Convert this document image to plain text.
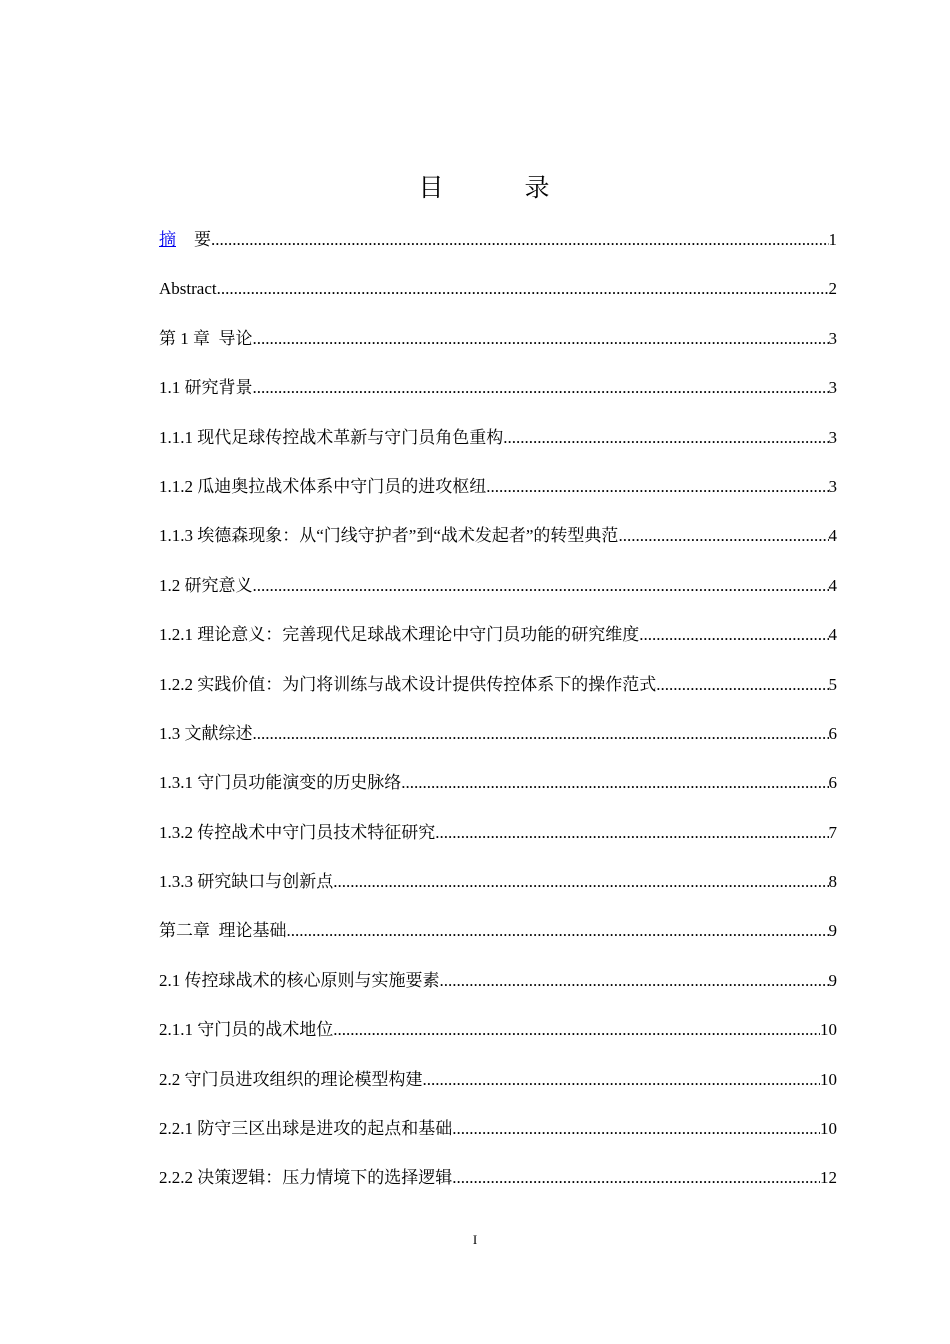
目　录
摘 要 .....	1
Abstract .....	2
第 1 章  导论 .....	3
1.1 研究背景 .....	3
1.1.1 现代足球传控战术革新与守门员角色重构 .....	3
1.1.2 瓜迪奥拉战术体系中守门员的进攻枢纽 .....	3
1.1.3 埃德森现象：从“门线守护者”到“战术发起者”的转型典范 .....	4
1.2 研究意义 .....	4
1.2.1 理论意义：完善现代足球战术理论中守门员功能的研究维度 .....	4
1.2.2 实践价值：为门将训练与战术设计提供传控体系下的操作范式 .....	5
1.3 文献综述 .....	6
1.3.1 守门员功能演变的历史脉络 .....	6
1.3.2 传控战术中守门员技术特征研究 .....	7
1.3.3 研究缺口与创新点 .....	8
第二章  理论基础 .....	9
2.1 传控球战术的核心原则与实施要素 .....	9
2.1.1 守门员的战术地位 .....	10
2.2 守门员进攻组织的理论模型构建 .....	10
2.2.1 防守三区出球是进攻的起点和基础 .....	10
2.2.2 决策逻辑：压力情境下的选择逻辑 .....	12
I
